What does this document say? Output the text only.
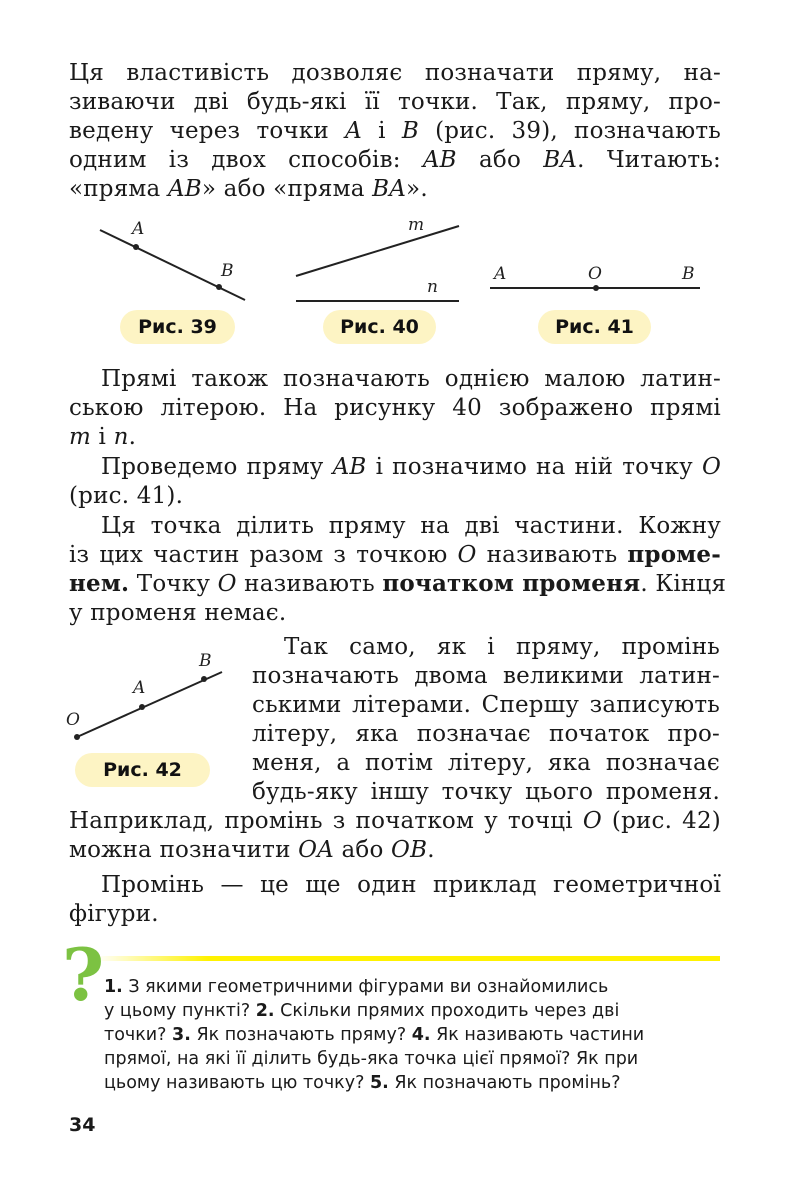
Ця властивість дозволяє позначати пряму, на-
зиваючи дві будь-які її точки. Так, пряму, про-
ведену через точки A і B (рис. 39), позначають
одним із двох способів: AB або BA. Читають:
«пряма AB» або «пряма BA».
A
B
Рис. 39
m
n
Рис. 40
A	O	B
Рис. 41
Прямі також позначають однією малою латин-
ською літерою. На рисунку 40 зображено прямі
m і n.
Проведемо пряму AB і позначимо на ній точку O
(рис. 41).
Ця точка ділить пряму на дві частини. Кожну
із цих частин разом з точкою O називають проме-
нем. Точку O називають початком променя. Кінця
у променя немає.
O
A
B
Рис. 42
Так само, як і пряму, промінь
позначають двома великими латин-
ськими літерами. Спершу записують
літеру, яка позначає початок про-
меня, а потім літеру, яка позначає
будь-яку іншу точку цього променя.
Наприклад, промінь з початком у точці O (рис. 42)
можна позначити OA або OB.
Промінь — це ще один приклад геометричної
фігури.
? 1. З якими геометричними фігурами ви ознайомились
у цьому пункті? 2. Скільки прямих проходить через дві
точки? 3. Як позначають пряму? 4. Як називають частини
прямої, на які її ділить будь-яка точка цієї прямої? Як при
цьому називають цю точку? 5. Як позначають промінь?
34
